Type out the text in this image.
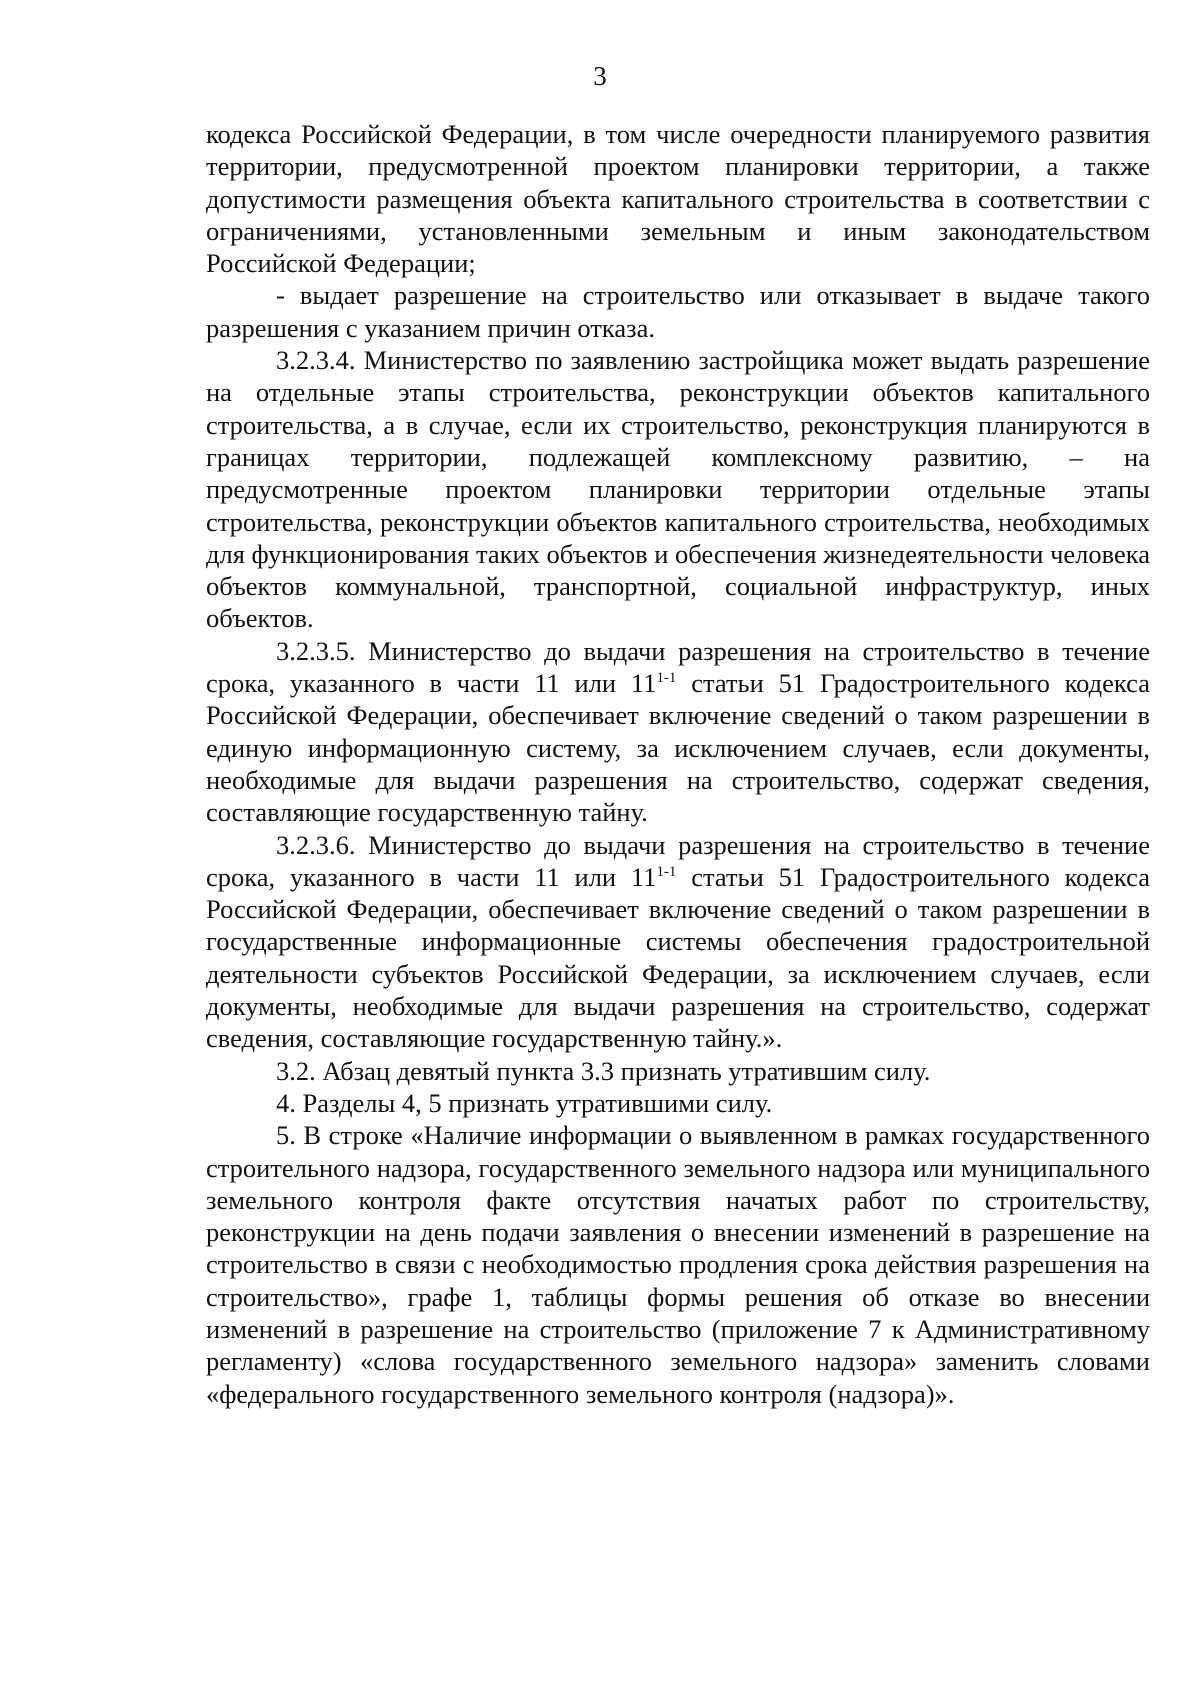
3

кодекса Российской Федерации, в том числе очередности планируемого развития территории, предусмотренной проектом планировки территории, а также допустимости размещения объекта капитального строительства в соответствии с ограничениями, установленными земельным и иным законодательством Российской Федерации;

- выдает разрешение на строительство или отказывает в выдаче такого разрешения с указанием причин отказа.

3.2.3.4. Министерство по заявлению застройщика может выдать разрешение на отдельные этапы строительства, реконструкции объектов капитального строительства, а в случае, если их строительство, реконструкция планируются в границах территории, подлежащей комплексному развитию, – на предусмотренные проектом планировки территории отдельные этапы строительства, реконструкции объектов капитального строительства, необходимых для функционирования таких объектов и обеспечения жизнедеятельности человека объектов коммунальной, транспортной, социальной инфраструктур, иных объектов.

3.2.3.5. Министерство до выдачи разрешения на строительство в течение срока, указанного в части 11 или 11$^{1-1}$ статьи 51 Градостроительного кодекса Российской Федерации, обеспечивает включение сведений о таком разрешении в единую информационную систему, за исключением случаев, если документы, необходимые для выдачи разрешения на строительство, содержат сведения, составляющие государственную тайну.

3.2.3.6. Министерство до выдачи разрешения на строительство в течение срока, указанного в части 11 или 11$^{1-1}$ статьи 51 Градостроительного кодекса Российской Федерации, обеспечивает включение сведений о таком разрешении в государственные информационные системы обеспечения градостроительной деятельности субъектов Российской Федерации, за исключением случаев, если документы, необходимые для выдачи разрешения на строительство, содержат сведения, составляющие государственную тайну.».

3.2. Абзац девятый пункта 3.3 признать утратившим силу.

4. Разделы 4, 5 признать утратившими силу.

5. В строке «Наличие информации о выявленном в рамках государственного строительного надзора, государственного земельного надзора или муниципального земельного контроля факте отсутствия начатых работ по строительству, реконструкции на день подачи заявления о внесении изменений в разрешение на строительство в связи с необходимостью продления срока действия разрешения на строительство», графе 1, таблицы формы решения об отказе во внесении изменений в разрешение на строительство (приложение 7 к Административному регламенту) «слова государственного земельного надзора» заменить словами «федерального государственного земельного контроля (надзора)».
